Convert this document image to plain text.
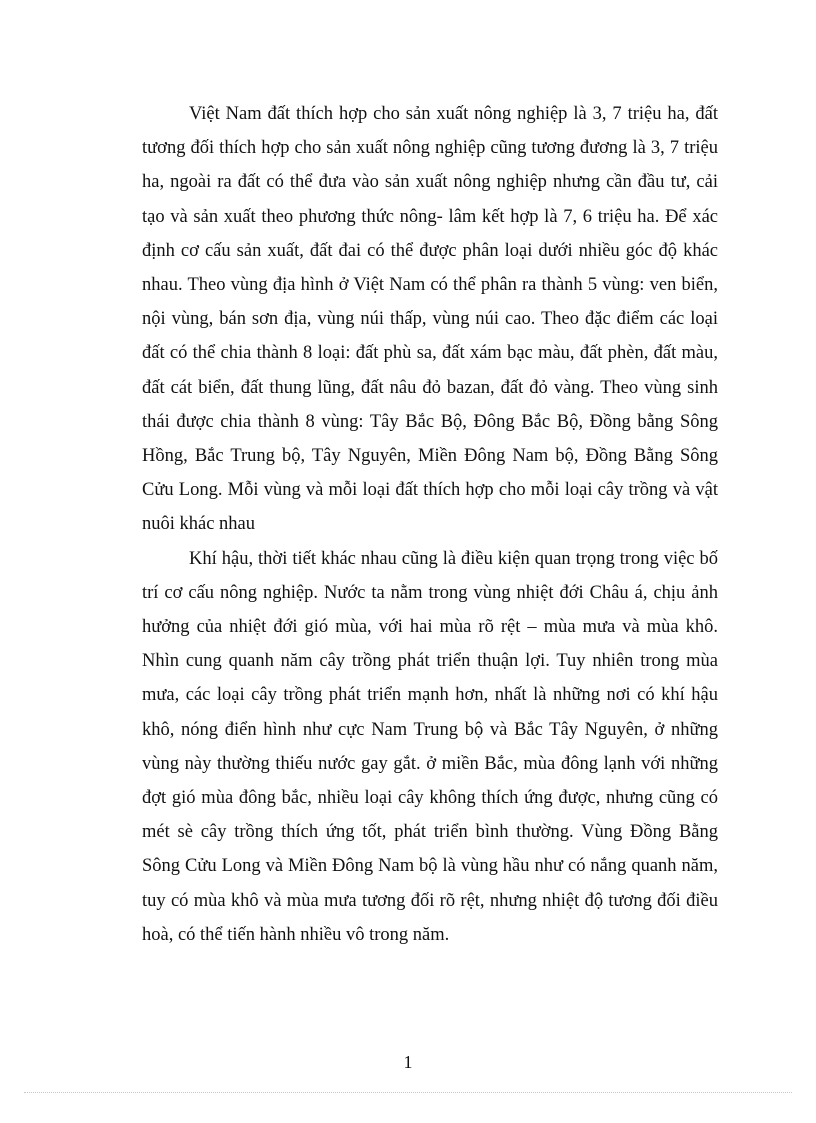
Việt Nam đất thích hợp cho sản xuất nông nghiệp là 3, 7 triệu ha, đất tương đối thích hợp cho sản xuất nông nghiệp cũng tương đương là 3, 7 triệu ha, ngoài ra đất có thể đưa vào sản xuất nông nghiệp nhưng cần đầu tư, cải tạo và sản xuất theo phương thức nông- lâm kết hợp là 7, 6 triệu ha. Để xác định cơ cấu sản xuất, đất đai có thể được phân loại dưới nhiều góc độ khác nhau. Theo vùng địa hình ở Việt Nam có thể phân ra thành 5 vùng: ven biển, nội vùng, bán sơn địa, vùng núi thấp, vùng núi cao. Theo đặc điểm các loại đất có thể chia thành 8 loại: đất phù sa, đất xám bạc màu, đất phèn, đất màu, đất cát biển, đất thung lũng, đất nâu đỏ bazan, đất đỏ vàng. Theo vùng sinh thái được chia thành 8 vùng: Tây Bắc Bộ, Đông Bắc Bộ, Đồng bằng Sông Hồng, Bắc Trung bộ, Tây Nguyên, Miền Đông Nam bộ, Đồng Bằng Sông Cửu Long. Mỗi vùng và mỗi loại đất thích hợp cho mỗi loại cây trồng và vật nuôi khác nhau

Khí hậu, thời tiết khác nhau cũng là điều kiện quan trọng trong việc bố trí cơ cấu nông nghiệp. Nước ta nằm trong vùng nhiệt đới Châu á, chịu ảnh hưởng của nhiệt đới gió mùa, với hai mùa rõ rệt – mùa mưa và mùa khô. Nhìn cung quanh năm cây trồng phát triển thuận lợi. Tuy nhiên trong mùa mưa, các loại cây trồng phát triển mạnh hơn, nhất là những nơi có khí hậu khô, nóng điển hình như cực Nam Trung bộ và Bắc Tây Nguyên, ở những vùng này thường thiếu nước gay gắt. ở miền Bắc, mùa đông lạnh với những đợt gió mùa đông bắc, nhiều loại cây không thích ứng được, nhưng cũng có mét sè cây trồng thích ứng tốt, phát triển bình thường. Vùng Đồng Bằng Sông Cửu Long và Miền Đông Nam bộ là vùng hầu như có nắng quanh năm, tuy có mùa khô và mùa mưa tương đối rõ rệt, nhưng nhiệt độ tương đối điều hoà, có thể tiến hành nhiều vô trong năm.

1
